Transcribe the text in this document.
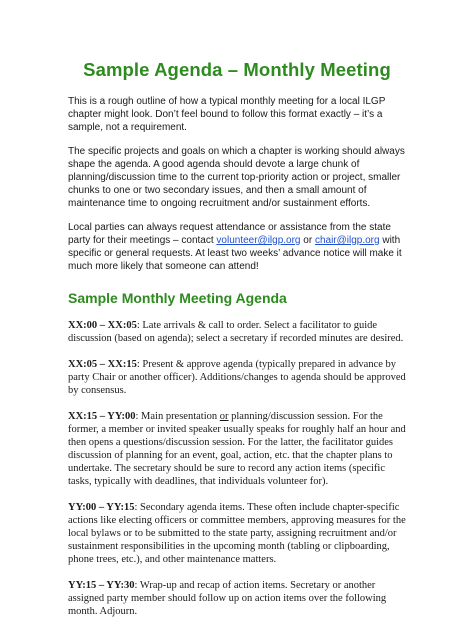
Sample Agenda – Monthly Meeting

This is a rough outline of how a typical monthly meeting for a local ILGP chapter might look. Don’t feel bound to follow this format exactly – it’s a sample, not a requirement.

The specific projects and goals on which a chapter is working should always shape the agenda. A good agenda should devote a large chunk of planning/discussion time to the current top-priority action or project, smaller chunks to one or two secondary issues, and then a small amount of maintenance time to ongoing recruitment and/or sustainment efforts.

Local parties can always request attendance or assistance from the state party for their meetings – contact volunteer@ilgp.org or chair@ilgp.org with specific or general requests. At least two weeks’ advance notice will make it much more likely that someone can attend!

Sample Monthly Meeting Agenda

XX:00 – XX:05: Late arrivals & call to order. Select a facilitator to guide discussion (based on agenda); select a secretary if recorded minutes are desired.

XX:05 – XX:15: Present & approve agenda (typically prepared in advance by party Chair or another officer). Additions/changes to agenda should be approved by consensus.

XX:15 – YY:00: Main presentation or planning/discussion session. For the former, a member or invited speaker usually speaks for roughly half an hour and then opens a questions/discussion session. For the latter, the facilitator guides discussion of planning for an event, goal, action, etc. that the chapter plans to undertake. The secretary should be sure to record any action items (specific tasks, typically with deadlines, that individuals volunteer for).

YY:00 – YY:15: Secondary agenda items. These often include chapter-specific actions like electing officers or committee members, approving measures for the local bylaws or to be submitted to the state party, assigning recruitment and/or sustainment responsibilities in the upcoming month (tabling or clipboarding, phone trees, etc.), and other maintenance matters.

YY:15 – YY:30: Wrap-up and recap of action items. Secretary or another assigned party member should follow up on action items over the following month. Adjourn.
